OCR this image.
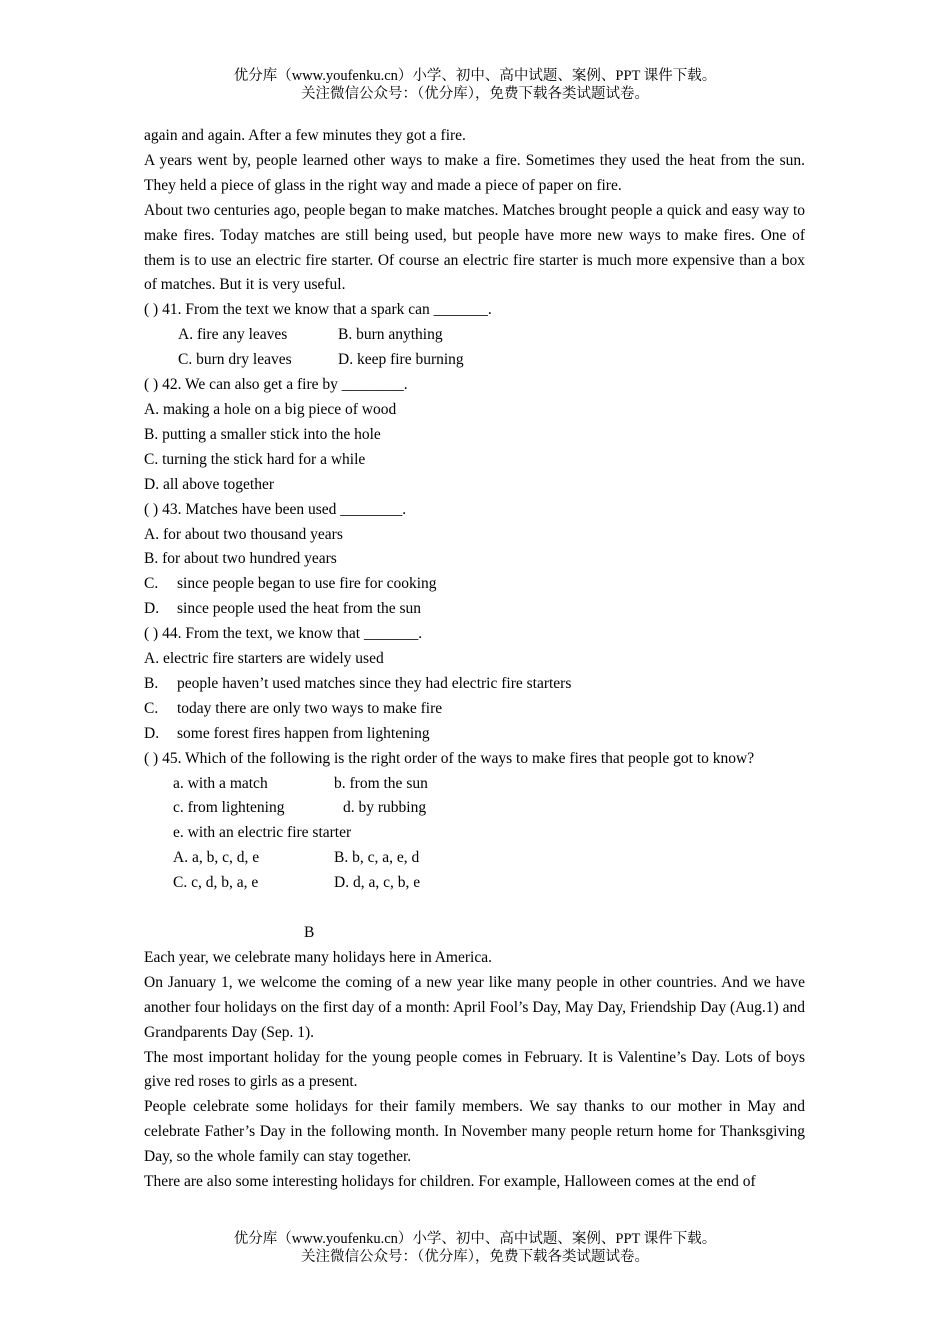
优分库（www.youfenku.cn）小学、初中、高中试题、案例、PPT 课件下载。
关注微信公众号：（优分库），免费下载各类试题试卷。

again and again. After a few minutes they got a fire.

A years went by, people learned other ways to make a fire. Sometimes they used the heat from the sun. They held a piece of glass in the right way and made a piece of paper on fire.

About two centuries ago, people began to make matches. Matches brought people a quick and easy way to make fires. Today matches are still being used, but people have more new ways to make fires. One of them is to use an electric fire starter. Of course an electric fire starter is much more expensive than a box of matches. But it is very useful.

( ) 41. From the text we know that a spark can _______.

A. fire any leaves	B. burn anything

C. burn dry leaves	D. keep fire burning

( ) 42. We can also get a fire by ________.

A. making a hole on a big piece of wood

B. putting a smaller stick into the hole

C. turning the stick hard for a while

D. all above together

( ) 43. Matches have been used ________.

A. for about two thousand years

B. for about two hundred years

C. since people began to use fire for cooking

D. since people used the heat from the sun

( ) 44. From the text, we know that _______.

A. electric fire starters are widely used

B. people haven’t used matches since they had electric fire starters

C. today there are only two ways to make fire

D. some forest fires happen from lightening

( ) 45. Which of the following is the right order of the ways to make fires that people got to know?

a. with a match	b. from the sun

c. from lightening	d. by rubbing

e. with an electric fire starter

A. a, b, c, d, e	B. b, c, a, e, d

C. c, d, b, a, e	D. d, a, c, b, e

B

Each year, we celebrate many holidays here in America.

On January 1, we welcome the coming of a new year like many people in other countries. And we have another four holidays on the first day of a month: April Fool’s Day, May Day, Friendship Day (Aug.1) and Grandparents Day (Sep. 1).

The most important holiday for the young people comes in February. It is Valentine’s Day. Lots of boys give red roses to girls as a present.

People celebrate some holidays for their family members. We say thanks to our mother in May and celebrate Father’s Day in the following month. In November many people return home for Thanksgiving Day, so the whole family can stay together.

There are also some interesting holidays for children. For example, Halloween comes at the end of

优分库（www.youfenku.cn）小学、初中、高中试题、案例、PPT 课件下载。
关注微信公众号：（优分库），免费下载各类试题试卷。
